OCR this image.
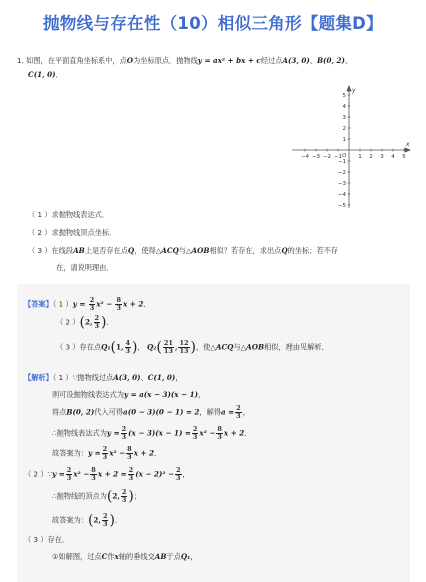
抛物线与存在性（10）相似三角形【题集D】
1. 如图，在平面直角坐标系中，点O为坐标原点．抛物线y = ax² + bx + c经过点A(3, 0)、B(0, 2)、
C(1, 0)．
−4 −3 −2 −1	1 2 3 4 5
5
4
3
2
1
−1
−2
−3
−4
−5
x
y
O
（ 1 ）求抛物线表达式．
（ 2 ）求抛物线顶点坐标．
（ 3 ）在线段AB上是否存在点Q，使得△ACQ与△AOB相似？若存在，求出点Q的坐标；若不存
在，请说明理由．
【答案】（ 1 ）$y = \frac{2}{3} x^2 - \frac{8}{3}$ x + 2．
（ 2 ）(2, $\frac{2}{3}$ )．
（ 3 ）存在点Q₁(1, $\frac{4}{3}$ )， $Q_2( \frac{21}{13}$ , $\frac{12}{13}$ )，使△ACQ与△AOB相似，理由见解析．
【解析】（ 1 ）∵抛物线过点A(3, 0)、C(1, 0)，
则可设抛物线表达式为y = a(x − 3)(x − 1)，
将点B(0, 2)代入可得a(0 − 3)(0 − 1) = 2，解得$a = \frac{2}{3}$ ，
∴抛物线表达式为$y = \frac{2}{3} (x - 3)(x - 1) = \frac{2}{3} x^2 - \frac{8}{3}$ x + 2．
故答案为：$y = \frac{2}{3} x^2 - \frac{8}{3}$ x + 2．
（ 2 ）∵y = $\frac{2}{3} x^2 - \frac{8}{3}$ $x + 2 = \frac{2}{3} (x - 2)^2 - \frac{2}{3}$ ，
∴抛物线的顶点为(2, $\frac{2}{3}$ )；
故答案为：(2, $\frac{2}{3}$ )．
（ 3 ）存在．
①如解图，过点C作x轴的垂线交AB于点Q₁，
